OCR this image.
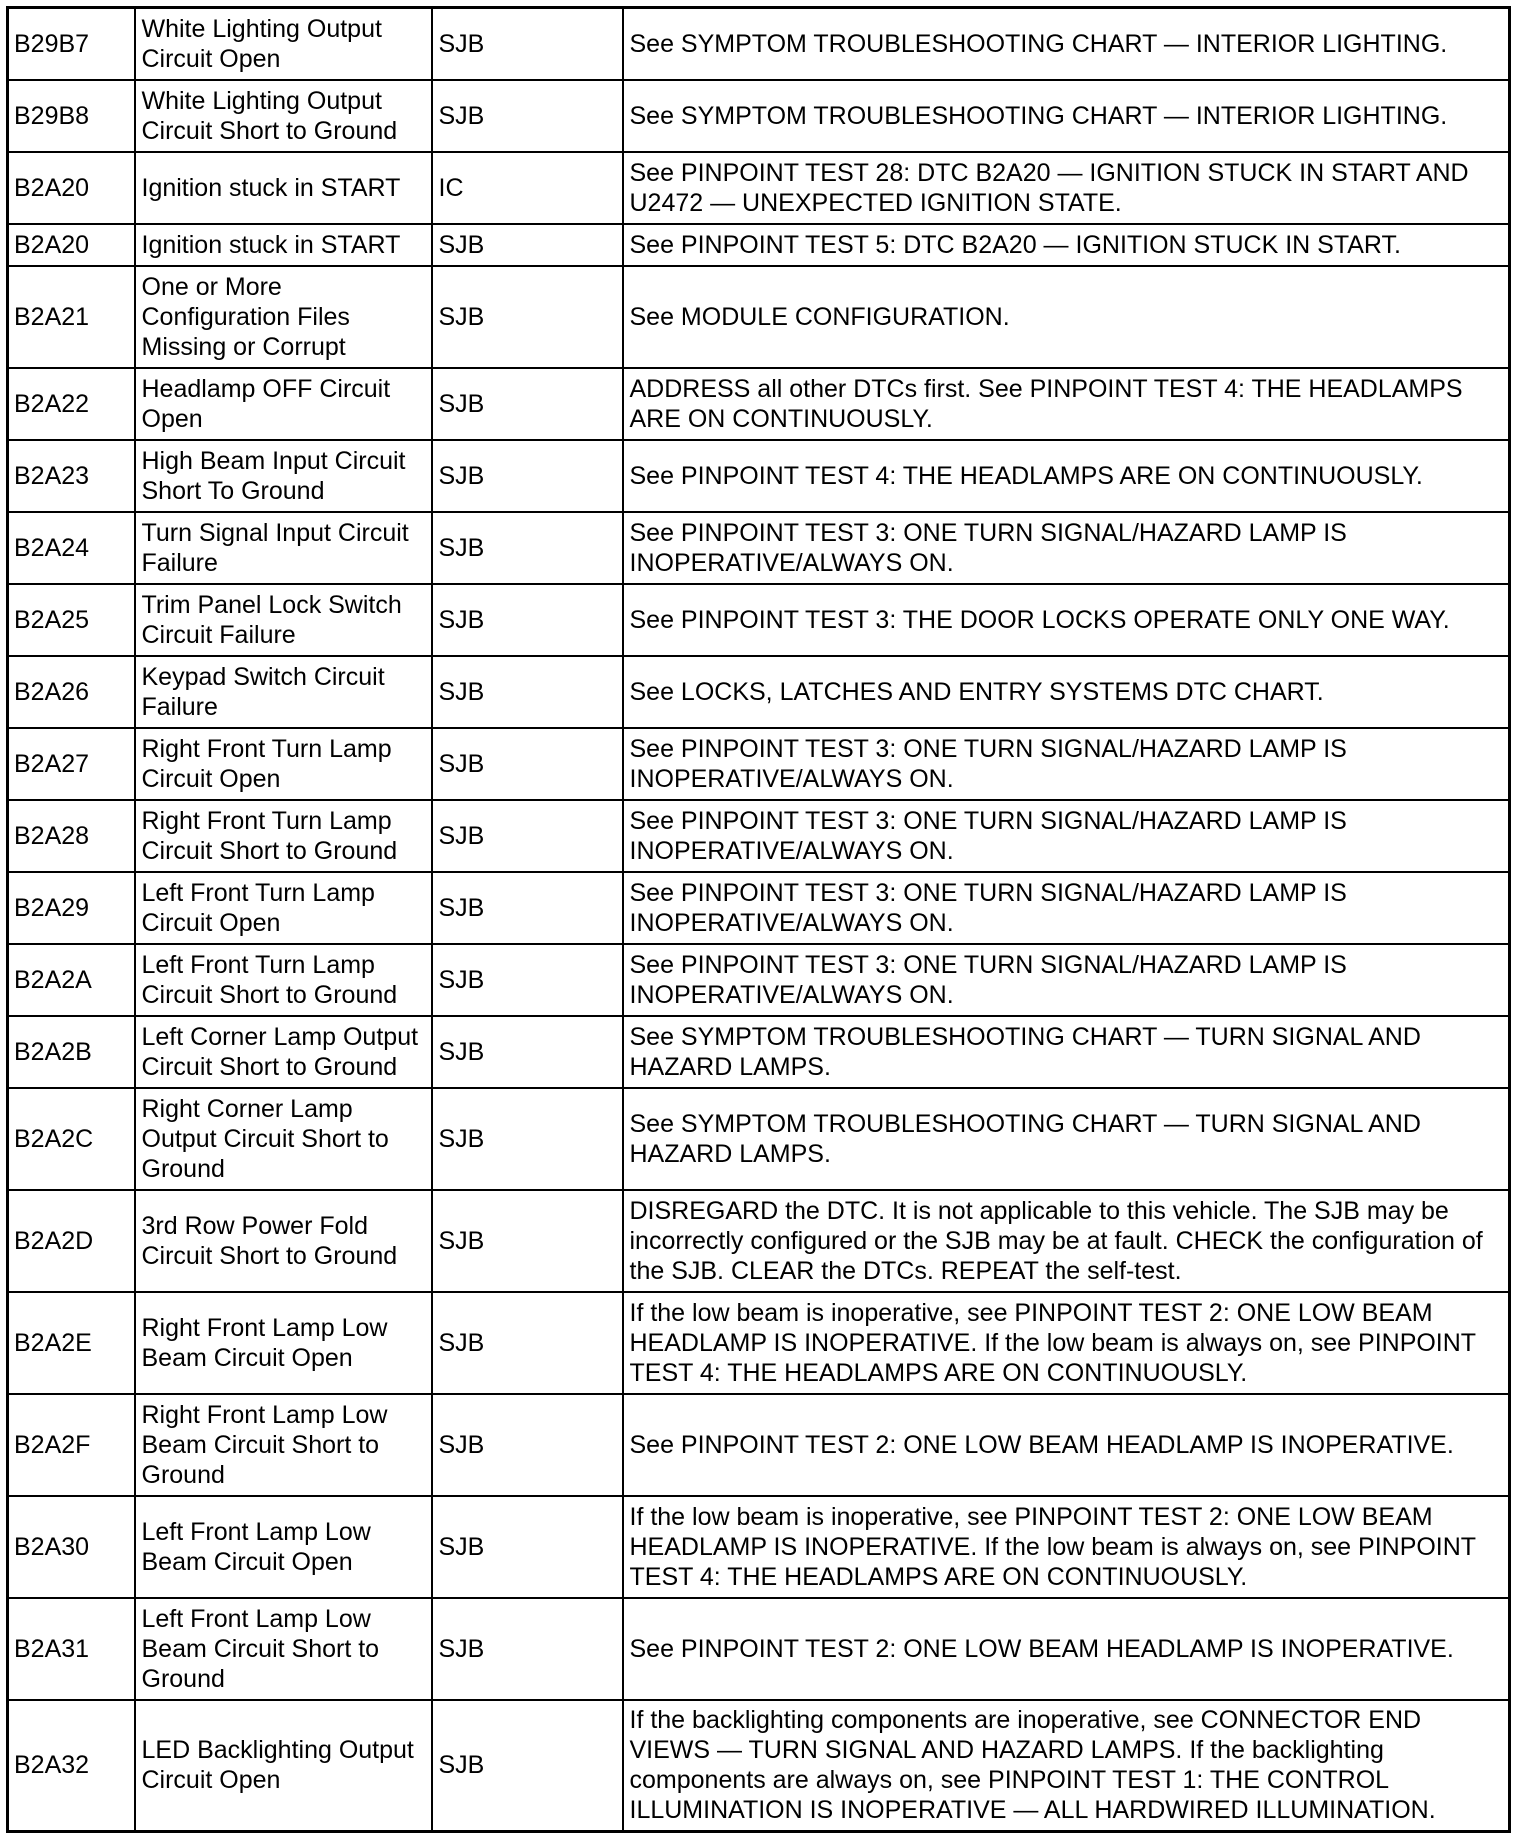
B29B7	White Lighting Output Circuit Open	SJB	See SYMPTOM TROUBLESHOOTING CHART — INTERIOR LIGHTING.
B29B8	White Lighting Output Circuit Short to Ground	SJB	See SYMPTOM TROUBLESHOOTING CHART — INTERIOR LIGHTING.
B2A20	Ignition stuck in START	IC	See PINPOINT TEST 28: DTC B2A20 — IGNITION STUCK IN START AND U2472 — UNEXPECTED IGNITION STATE.
B2A20	Ignition stuck in START	SJB	See PINPOINT TEST 5: DTC B2A20 — IGNITION STUCK IN START.
B2A21	One or More Configuration Files Missing or Corrupt	SJB	See MODULE CONFIGURATION.
B2A22	Headlamp OFF Circuit Open	SJB	ADDRESS all other DTCs first. See PINPOINT TEST 4: THE HEADLAMPS ARE ON CONTINUOUSLY.
B2A23	High Beam Input Circuit Short To Ground	SJB	See PINPOINT TEST 4: THE HEADLAMPS ARE ON CONTINUOUSLY.
B2A24	Turn Signal Input Circuit Failure	SJB	See PINPOINT TEST 3: ONE TURN SIGNAL/HAZARD LAMP IS INOPERATIVE/ALWAYS ON.
B2A25	Trim Panel Lock Switch Circuit Failure	SJB	See PINPOINT TEST 3: THE DOOR LOCKS OPERATE ONLY ONE WAY.
B2A26	Keypad Switch Circuit Failure	SJB	See LOCKS, LATCHES AND ENTRY SYSTEMS DTC CHART.
B2A27	Right Front Turn Lamp Circuit Open	SJB	See PINPOINT TEST 3: ONE TURN SIGNAL/HAZARD LAMP IS INOPERATIVE/ALWAYS ON.
B2A28	Right Front Turn Lamp Circuit Short to Ground	SJB	See PINPOINT TEST 3: ONE TURN SIGNAL/HAZARD LAMP IS INOPERATIVE/ALWAYS ON.
B2A29	Left Front Turn Lamp Circuit Open	SJB	See PINPOINT TEST 3: ONE TURN SIGNAL/HAZARD LAMP IS INOPERATIVE/ALWAYS ON.
B2A2A	Left Front Turn Lamp Circuit Short to Ground	SJB	See PINPOINT TEST 3: ONE TURN SIGNAL/HAZARD LAMP IS INOPERATIVE/ALWAYS ON.
B2A2B	Left Corner Lamp Output Circuit Short to Ground	SJB	See SYMPTOM TROUBLESHOOTING CHART — TURN SIGNAL AND HAZARD LAMPS.
B2A2C	Right Corner Lamp Output Circuit Short to Ground	SJB	See SYMPTOM TROUBLESHOOTING CHART — TURN SIGNAL AND HAZARD LAMPS.
B2A2D	3rd Row Power Fold Circuit Short to Ground	SJB	DISREGARD the DTC. It is not applicable to this vehicle. The SJB may be incorrectly configured or the SJB may be at fault. CHECK the configuration of the SJB. CLEAR the DTCs. REPEAT the self-test.
B2A2E	Right Front Lamp Low Beam Circuit Open	SJB	If the low beam is inoperative, see PINPOINT TEST 2: ONE LOW BEAM HEADLAMP IS INOPERATIVE. If the low beam is always on, see PINPOINT TEST 4: THE HEADLAMPS ARE ON CONTINUOUSLY.
B2A2F	Right Front Lamp Low Beam Circuit Short to Ground	SJB	See PINPOINT TEST 2: ONE LOW BEAM HEADLAMP IS INOPERATIVE.
B2A30	Left Front Lamp Low Beam Circuit Open	SJB	If the low beam is inoperative, see PINPOINT TEST 2: ONE LOW BEAM HEADLAMP IS INOPERATIVE. If the low beam is always on, see PINPOINT TEST 4: THE HEADLAMPS ARE ON CONTINUOUSLY.
B2A31	Left Front Lamp Low Beam Circuit Short to Ground	SJB	See PINPOINT TEST 2: ONE LOW BEAM HEADLAMP IS INOPERATIVE.
B2A32	LED Backlighting Output Circuit Open	SJB	If the backlighting components are inoperative, see CONNECTOR END VIEWS — TURN SIGNAL AND HAZARD LAMPS. If the backlighting components are always on, see PINPOINT TEST 1: THE CONTROL ILLUMINATION IS INOPERATIVE — ALL HARDWIRED ILLUMINATION.
